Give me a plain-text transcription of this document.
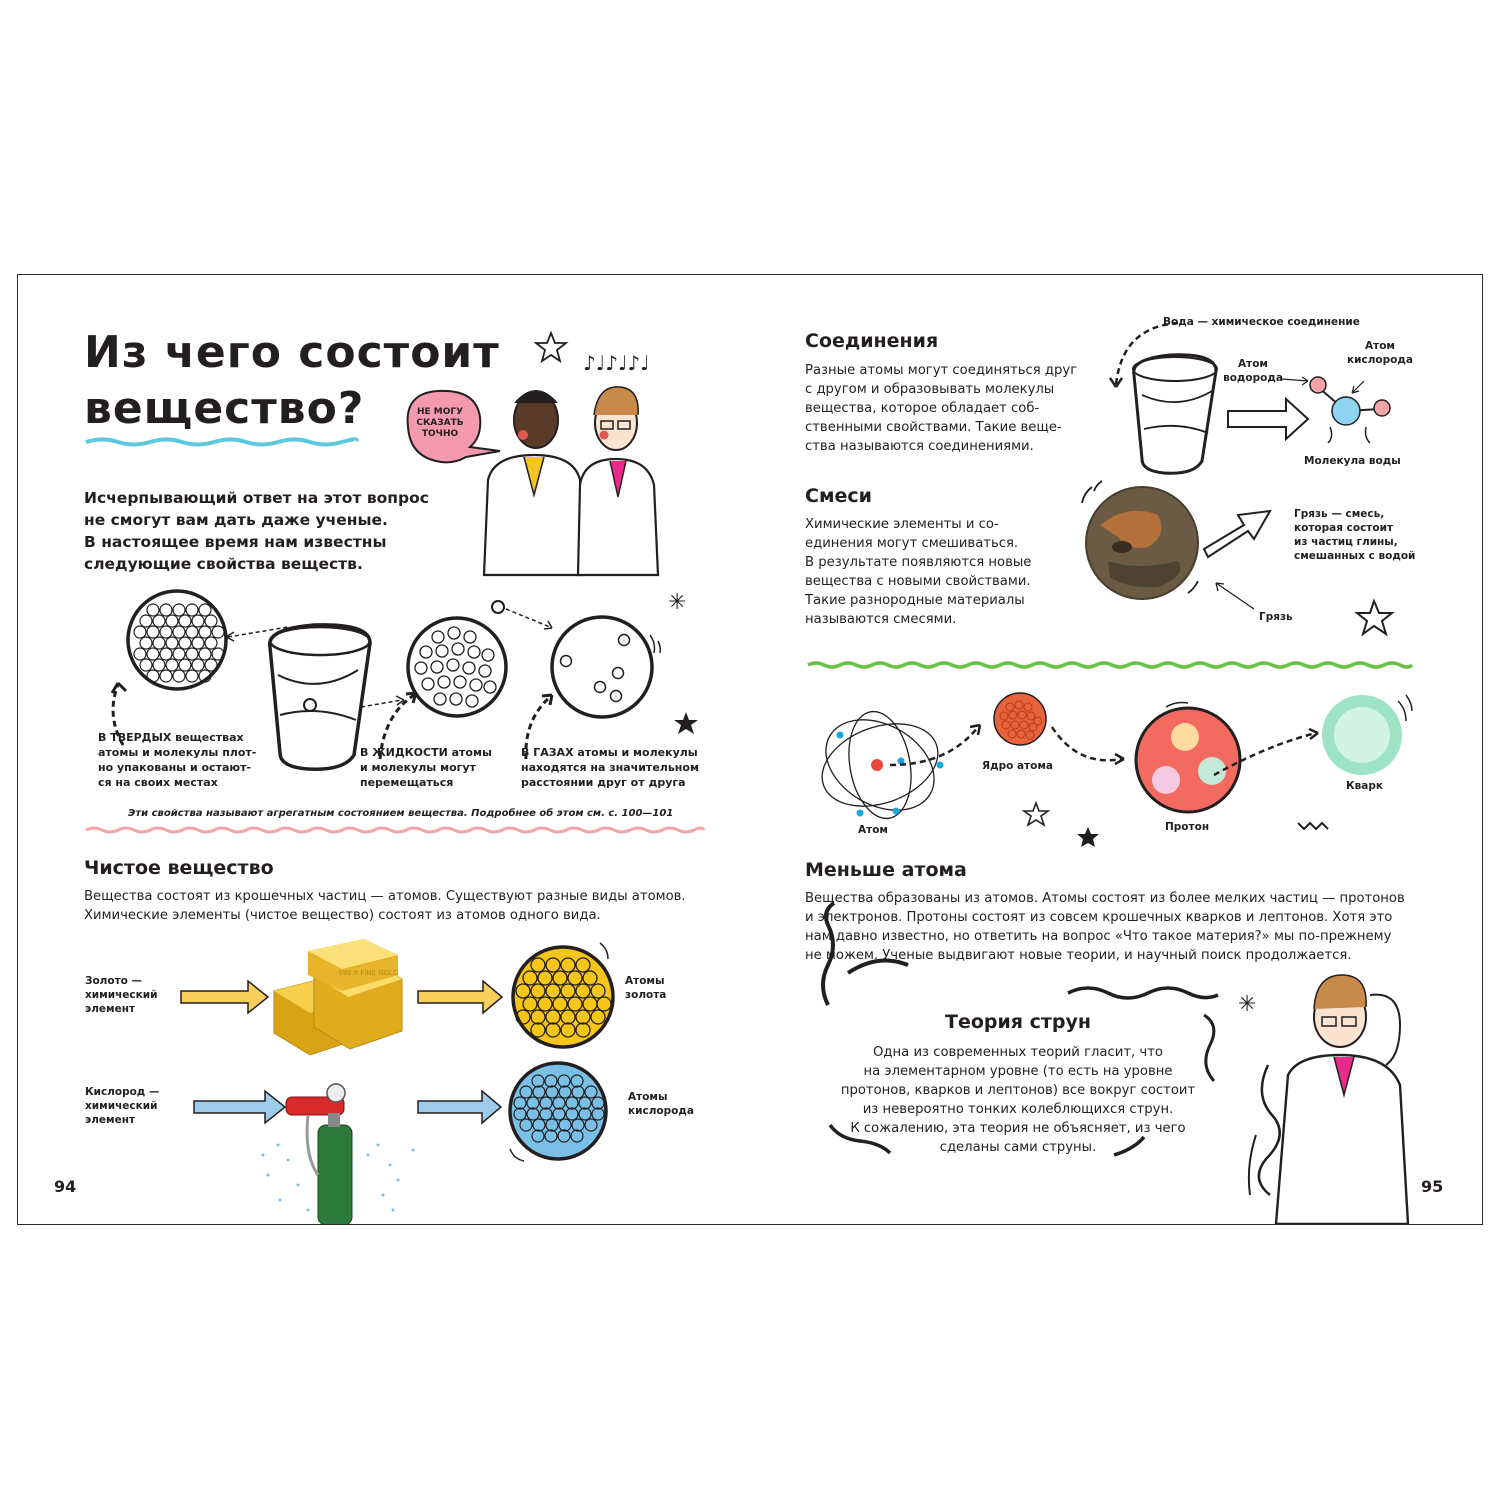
Из чего состоит
вещество?
♪♩♪♩♪♩
✳
999.9 FINE GOLD
✳
НЕ МОГУ
СКАЗАТЬ
ТОЧНО
Исчерпывающий ответ на этот вопрос
не смогут вам дать даже ученые.
В настоящее время нам известны
следующие свойства веществ.
В ТВЕРДЫХ веществах
атомы и молекулы плот-
но упакованы и остают-
ся на своих местах
В ЖИДКОСТИ атомы
и молекулы могут
перемещаться
В ГАЗАХ атомы и молекулы
находятся на значительном
расстоянии друг от друга
Эти свойства называют агрегатным состоянием вещества. Подробнее об этом см. с. 100—101
Чистое вещество
Вещества состоят из крошечных частиц — атомов. Существуют разные виды атомов.
Химические элементы (чистое вещество) состоят из атомов одного вида.
Золото —
химический
элемент
Атомы
золота
Кислород —
химический
элемент
Атомы
кислорода
94
Соединения
Разные атомы могут соединяться друг
с другом и образовывать молекулы
вещества, которое обладает соб-
ственными свойствами. Такие веще-
ства называются соединениями.
Вода — химическое соединение
Атом
водорода
Атом
кислорода
Молекула воды
Смеси
Химические элементы и со-
единения могут смешиваться.
В результате появляются новые
вещества с новыми свойствами.
Такие разнородные материалы
называются смесями.
Грязь — смесь,
которая состоит
из частиц глины,
смешанных с водой
Грязь
Атом
Ядро атома
Протон
Кварк
Меньше атома
Вещества образованы из атомов. Атомы состоят из более мелких частиц — протонов
и электронов. Протоны состоят из совсем крошечных кварков и лептонов. Хотя это
нам давно известно, но ответить на вопрос «Что такое материя?» мы по-прежнему
не можем. Ученые выдвигают новые теории, и научный поиск продолжается.
Теория струн
Одна из современных теорий гласит, что
на элементарном уровне (то есть на уровне
протонов, кварков и лептонов) все вокруг состоит
из невероятно тонких колеблющихся струн.
К сожалению, эта теория не объясняет, из чего
сделаны сами струны.
95
